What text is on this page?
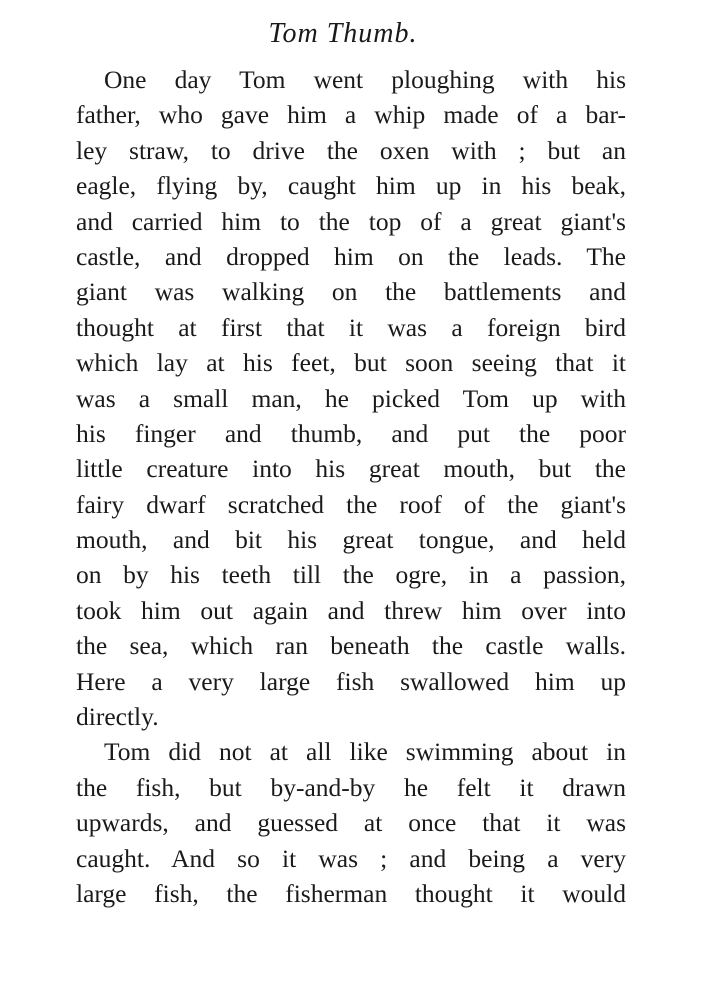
Tom Thumb.
One day Tom went ploughing with his
father, who gave him a whip made of a bar-
ley straw, to drive the oxen with ; but an
eagle, flying by, caught him up in his beak,
and carried him to the top of a great giant's
castle, and dropped him on the leads. The
giant was walking on the battlements and
thought at first that it was a foreign bird
which lay at his feet, but soon seeing that it
was a small man, he picked Tom up with
his finger and thumb, and put the poor
little creature into his great mouth, but the
fairy dwarf scratched the roof of the giant's
mouth, and bit his great tongue, and held
on by his teeth till the ogre, in a passion,
took him out again and threw him over into
the sea, which ran beneath the castle walls.
Here a very large fish swallowed him up
directly.
Tom did not at all like swimming about in
the fish, but by-and-by he felt it drawn
upwards, and guessed at once that it was
caught. And so it was ; and being a very
large fish, the fisherman thought it would
